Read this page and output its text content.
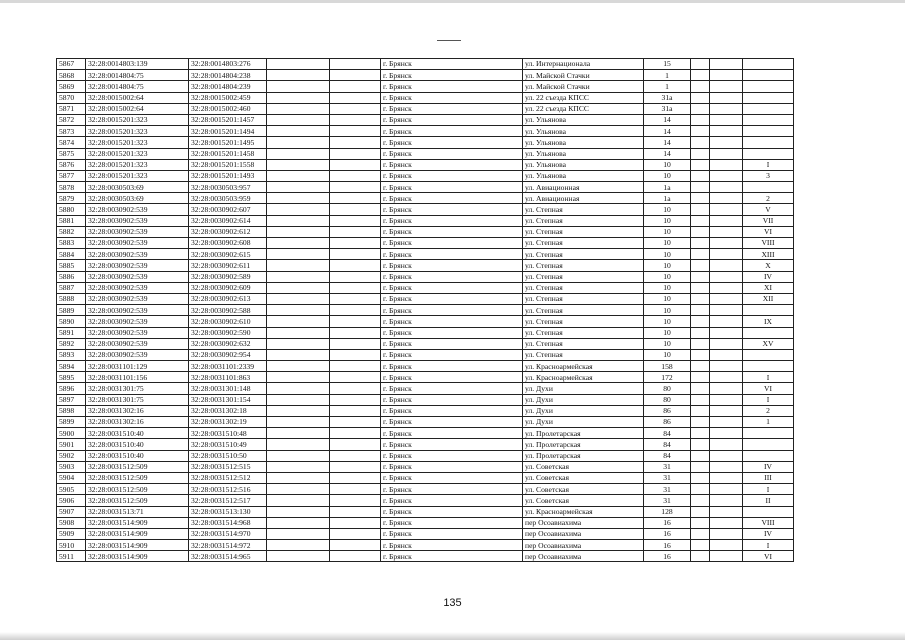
5867	32:28:0014803:139	32:28:0014803:276			г. Брянск	ул. Интернационала	15			
5868	32:28:0014804:75	32:28:0014804:238			г. Брянск	ул. Майской Стачки	1			
5869	32:28:0014804:75	32:28:0014804:239			г. Брянск	ул. Майской Стачки	1			
5870	32:28:0015002:64	32:28:0015002:459			г. Брянск	ул. 22 съезда КПСС	31а			
5871	32:28:0015002:64	32:28:0015002:460			г. Брянск	ул. 22 съезда КПСС	31а			
5872	32:28:0015201:323	32:28:0015201:1457			г. Брянск	ул. Ульянова	14			
5873	32:28:0015201:323	32:28:0015201:1494			г. Брянск	ул. Ульянова	14			
5874	32:28:0015201:323	32:28:0015201:1495			г. Брянск	ул. Ульянова	14			
5875	32:28:0015201:323	32:28:0015201:1458			г. Брянск	ул. Ульянова	14			
5876	32:28:0015201:323	32:28:0015201:1558			г. Брянск	ул. Ульянова	10			I
5877	32:28:0015201:323	32:28:0015201:1493			г. Брянск	ул. Ульянова	10			3
5878	32:28:0030503:69	32:28:0030503:957			г. Брянск	ул. Авиационная	1а			
5879	32:28:0030503:69	32:28:0030503:959			г. Брянск	ул. Авиационная	1а			2
5880	32:28:0030902:539	32:28:0030902:607			г. Брянск	ул. Степная	10			V
5881	32:28:0030902:539	32:28:0030902:614			г. Брянск	ул. Степная	10			VII
5882	32:28:0030902:539	32:28:0030902:612			г. Брянск	ул. Степная	10			VI
5883	32:28:0030902:539	32:28:0030902:608			г. Брянск	ул. Степная	10			VIII
5884	32:28:0030902:539	32:28:0030902:615			г. Брянск	ул. Степная	10			XIII
5885	32:28:0030902:539	32:28:0030902:611			г. Брянск	ул. Степная	10			X
5886	32:28:0030902:539	32:28:0030902:589			г. Брянск	ул. Степная	10			IV
5887	32:28:0030902:539	32:28:0030902:609			г. Брянск	ул. Степная	10			XI
5888	32:28:0030902:539	32:28:0030902:613			г. Брянск	ул. Степная	10			XII
5889	32:28:0030902:539	32:28:0030902:588			г. Брянск	ул. Степная	10			
5890	32:28:0030902:539	32:28:0030902:610			г. Брянск	ул. Степная	10			IX
5891	32:28:0030902:539	32:28:0030902:590			г. Брянск	ул. Степная	10			
5892	32:28:0030902:539	32:28:0030902:632			г. Брянск	ул. Степная	10			XV
5893	32:28:0030902:539	32:28:0030902:954			г. Брянск	ул. Степная	10			
5894	32:28:0031101:129	32:28:0031101:2339			г. Брянск	ул. Красноармейская	158			
5895	32:28:0031101:156	32:28:0031101:863			г. Брянск	ул. Красноармейская	172			I
5896	32:28:0031301:75	32:28:0031301:148			г. Брянск	ул. Духи	80			VI
5897	32:28:0031301:75	32:28:0031301:154			г. Брянск	ул. Духи	80			I
5898	32:28:0031302:16	32:28:0031302:18			г. Брянск	ул. Духи	86			2
5899	32:28:0031302:16	32:28:0031302:19			г. Брянск	ул. Духи	86			1
5900	32:28:0031510:40	32:28:0031510:48			г. Брянск	ул. Пролетарская	84			
5901	32:28:0031510:40	32:28:0031510:49			г. Брянск	ул. Пролетарская	84			
5902	32:28:0031510:40	32:28:0031510:50			г. Брянск	ул. Пролетарская	84			
5903	32:28:0031512:509	32:28:0031512:515			г. Брянск	ул. Советская	31			IV
5904	32:28:0031512:509	32:28:0031512:512			г. Брянск	ул. Советская	31			III
5905	32:28:0031512:509	32:28:0031512:516			г. Брянск	ул. Советская	31			I
5906	32:28:0031512:509	32:28:0031512:517			г. Брянск	ул. Советская	31			II
5907	32:28:0031513:71	32:28:0031513:130			г. Брянск	ул. Красноармейская	128			
5908	32:28:0031514:909	32:28:0031514:968			г. Брянск	пер Осоавиахима	16			VIII
5909	32:28:0031514:909	32:28:0031514:970			г. Брянск	пер Осоавиахима	16			IV
5910	32:28:0031514:909	32:28:0031514:972			г. Брянск	пер Осоавиахима	16			I
5911	32:28:0031514:909	32:28:0031514:965			г. Брянск	пер Осоавиахима	16			VI
135
